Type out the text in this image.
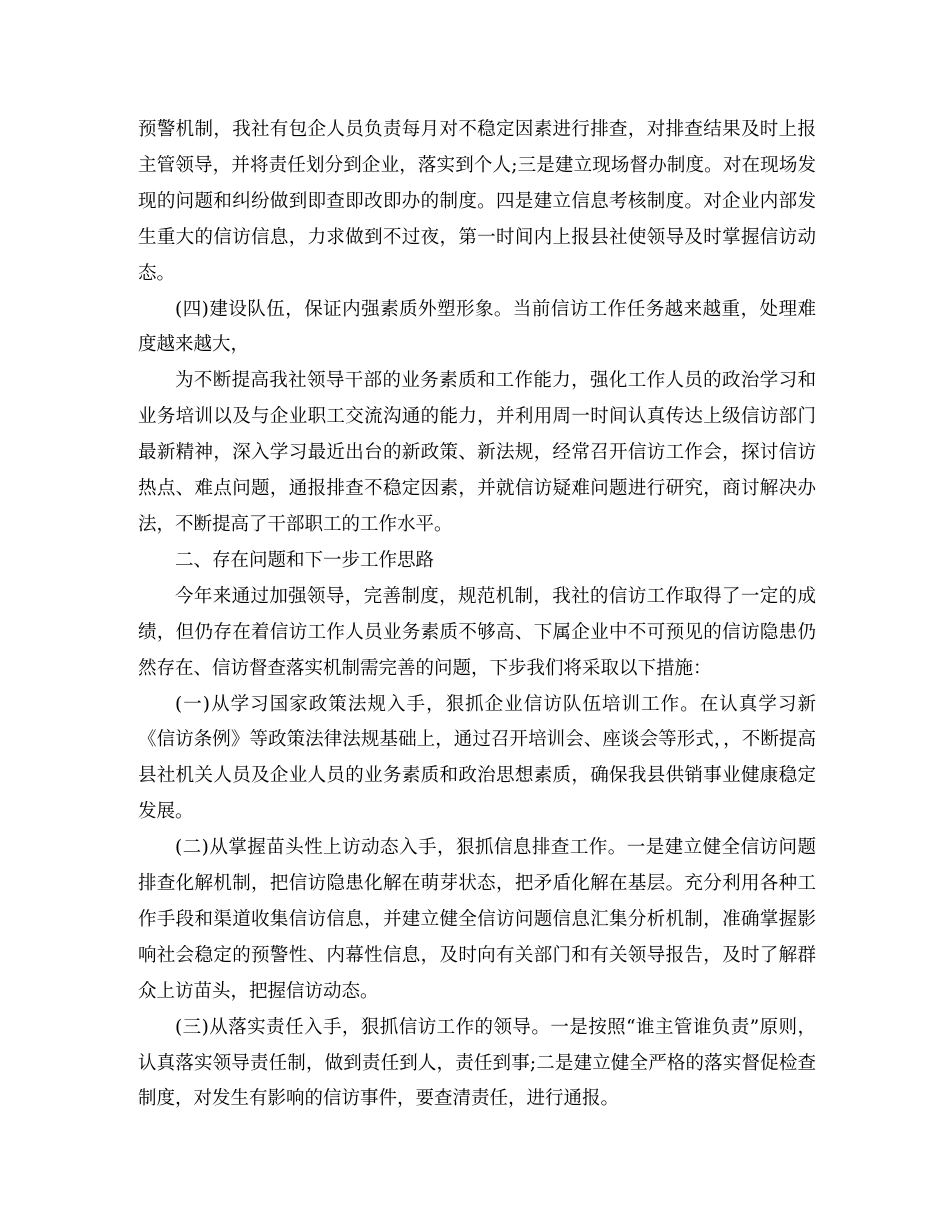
预警机制，我社有包企人员负责每月对不稳定因素进行排查，对排查结果及时上报主管领导，并将责任划分到企业，落实到个人;三是建立现场督办制度。对在现场发现的问题和纠纷做到即查即改即办的制度。四是建立信息考核制度。对企业内部发生重大的信访信息，力求做到不过夜，第一时间内上报县社使领导及时掌握信访动态。

(四)建设队伍，保证内强素质外塑形象。当前信访工作任务越来越重，处理难度越来越大，

为不断提高我社领导干部的业务素质和工作能力，强化工作人员的政治学习和业务培训以及与企业职工交流沟通的能力，并利用周一时间认真传达上级信访部门最新精神，深入学习最近出台的新政策、新法规，经常召开信访工作会，探讨信访热点、难点问题，通报排查不稳定因素，并就信访疑难问题进行研究，商讨解决办法，不断提高了干部职工的工作水平。

二、存在问题和下一步工作思路

今年来通过加强领导，完善制度，规范机制，我社的信访工作取得了一定的成绩，但仍存在着信访工作人员业务素质不够高、下属企业中不可预见的信访隐患仍然存在、信访督查落实机制需完善的问题，下步我们将采取以下措施：

(一)从学习国家政策法规入手，狠抓企业信访队伍培训工作。在认真学习新《信访条例》等政策法律法规基础上，通过召开培训会、座谈会等形式，，不断提高县社机关人员及企业人员的业务素质和政治思想素质，确保我县供销事业健康稳定发展。

(二)从掌握苗头性上访动态入手，狠抓信息排查工作。一是建立健全信访问题排查化解机制，把信访隐患化解在萌芽状态，把矛盾化解在基层。充分利用各种工作手段和渠道收集信访信息，并建立健全信访问题信息汇集分析机制，准确掌握影响社会稳定的预警性、内幕性信息，及时向有关部门和有关领导报告，及时了解群众上访苗头，把握信访动态。

(三)从落实责任入手，狠抓信访工作的领导。一是按照“谁主管谁负责”原则，认真落实领导责任制，做到责任到人，责任到事;二是建立健全严格的落实督促检查制度，对发生有影响的信访事件，要查清责任，进行通报。
